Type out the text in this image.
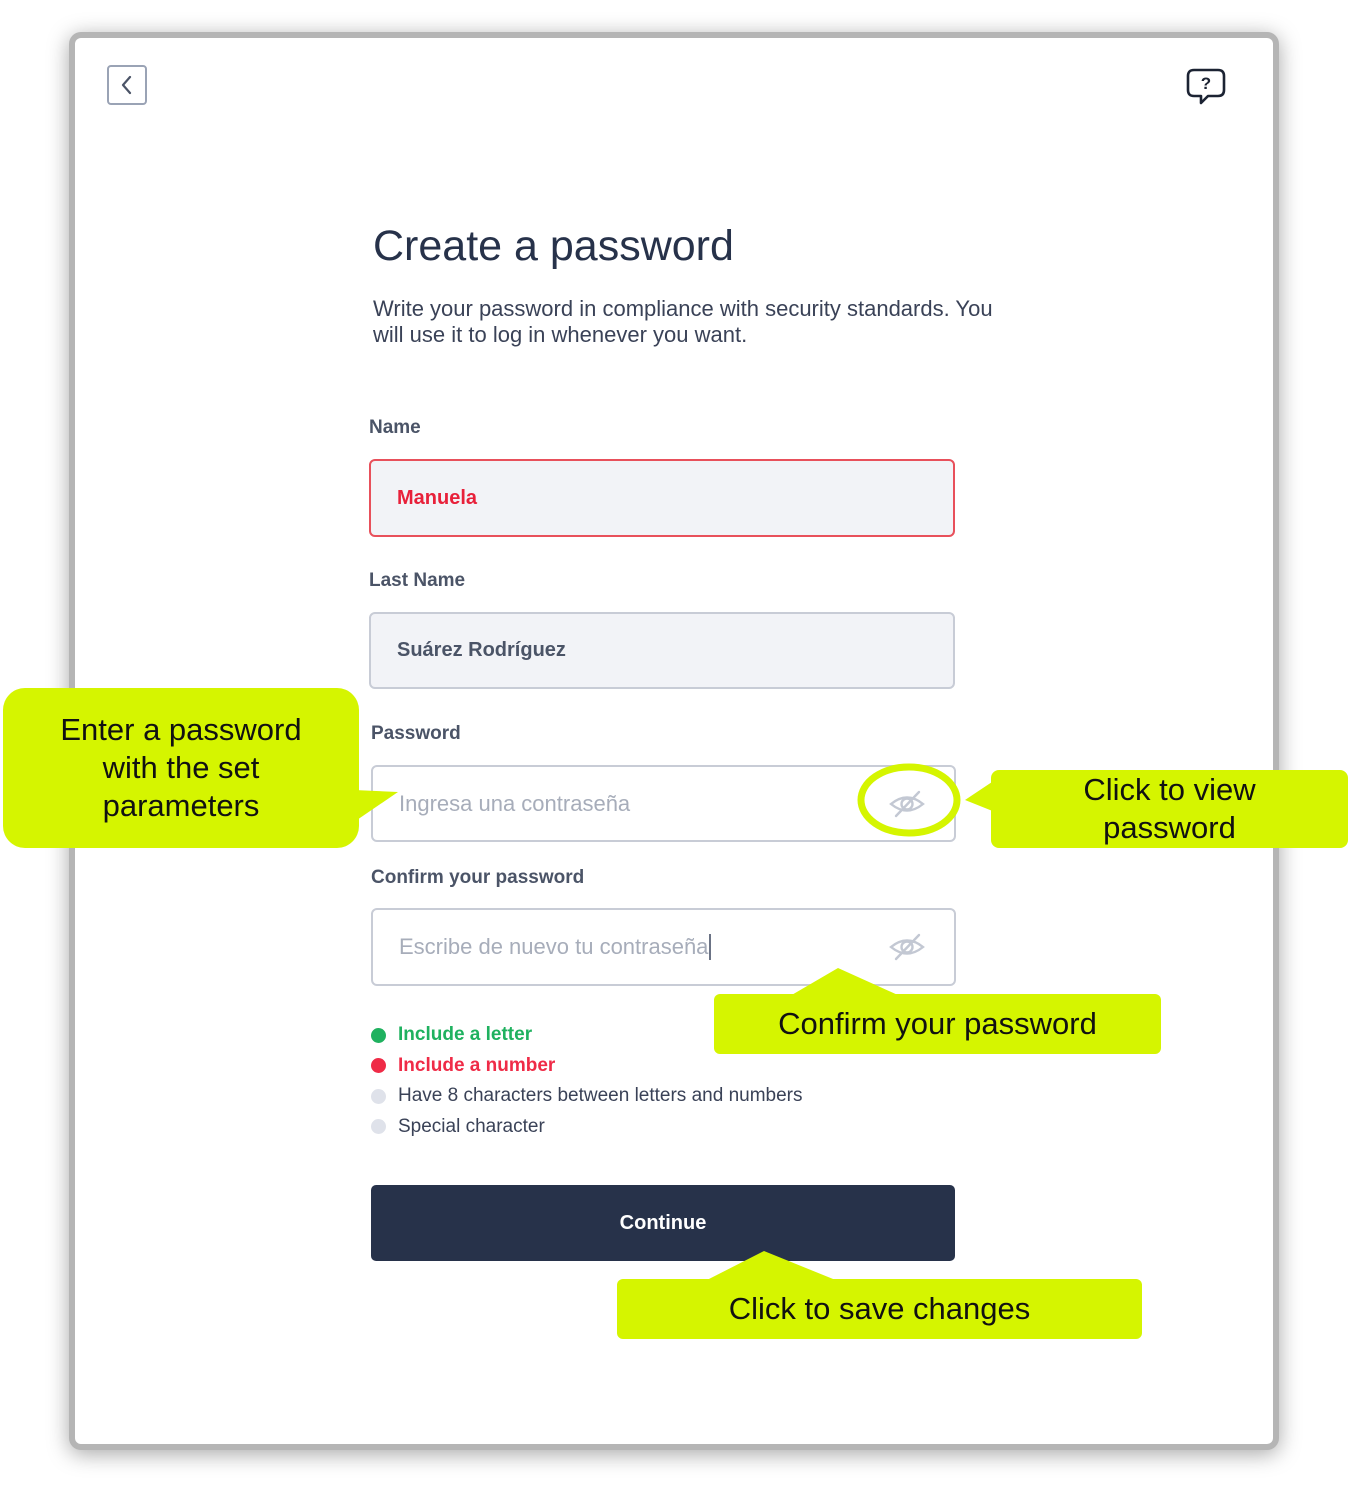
?
Create a password
Write your password in compliance with security standards. You will use it to log in whenever you want.
Name
Manuela
Last Name
Suárez Rodríguez
Password
Ingresa una contraseña
Confirm your password
Escribe de nuevo tu contraseña
Include a letter
Include a number
Have 8 characters between letters and numbers
Special character
Continue
Enter a password with the set parameters	Click to view password
Confirm your password
Click to save changes
